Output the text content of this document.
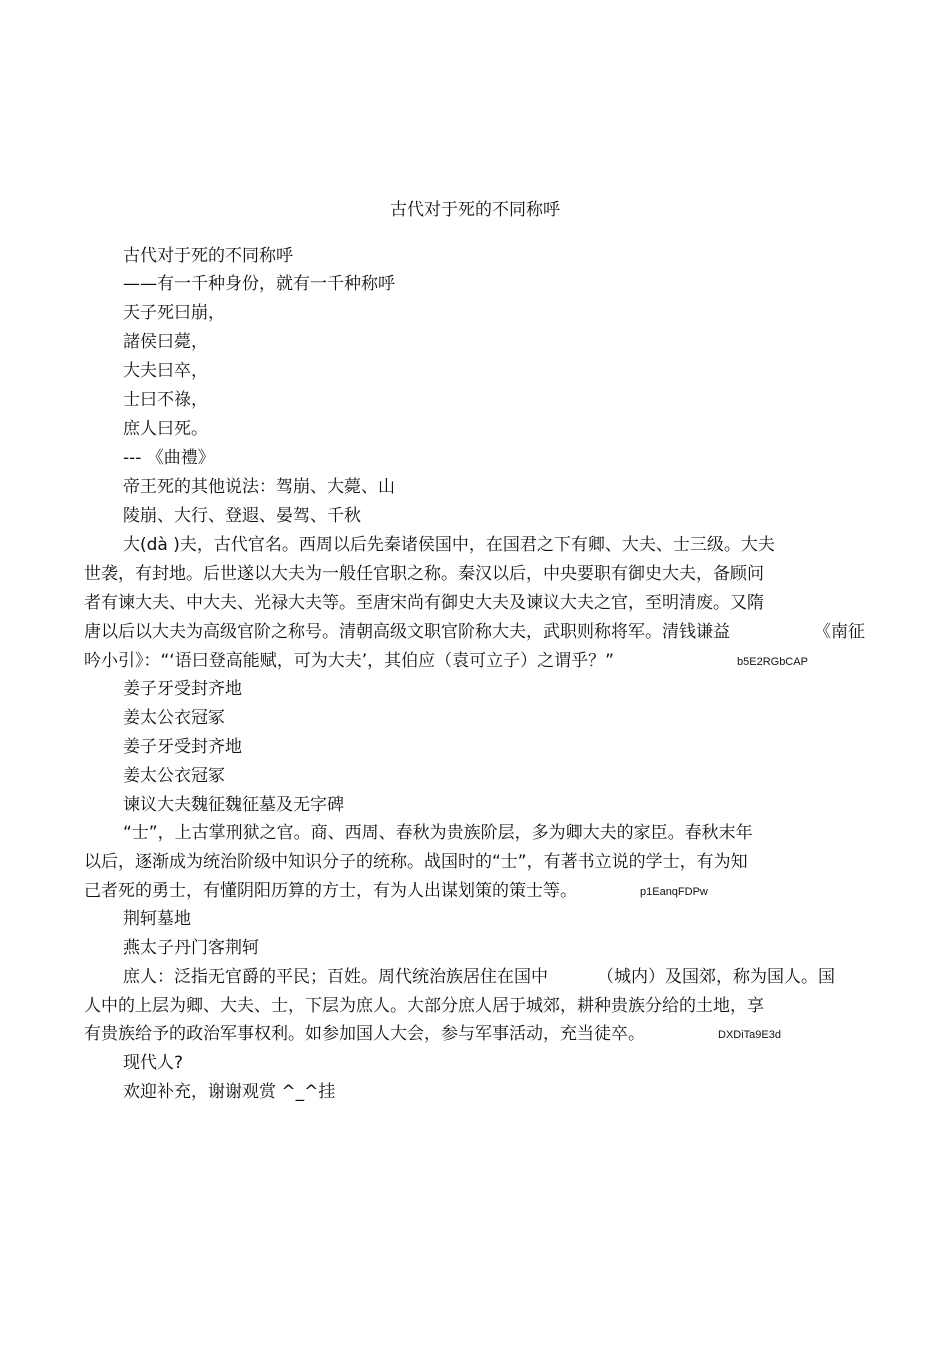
古代对于死的不同称呼
古代对于死的不同称呼
——有一千种身份，就有一千种称呼
天子死曰崩，
諸侯曰薨，
大夫曰卒，
士曰不祿，
庶人曰死。
--- 《曲禮》
帝王死的其他说法：驾崩、大薨、山
陵崩、大行、登遐、晏驾、千秋
大(dà )夫，古代官名。西周以后先秦诸侯国中，在国君之下有卿、大夫、士三级。大夫
世袭，有封地。后世遂以大夫为一般任官职之称。秦汉以后，中央要职有御史大夫，备顾问
者有谏大夫、中大夫、光禄大夫等。至唐宋尚有御史大夫及谏议大夫之官，至明清废。又隋
唐以后以大夫为高级官阶之称号。清朝高级文职官阶称大夫，武职则称将军。清钱谦益	《南征
吟小引》：“‘语曰登高能赋，可为大夫’，其伯应（袁可立子）之谓乎？”	b5E2RGbCAP
姜子牙受封齐地
姜太公衣冠冢
姜子牙受封齐地
姜太公衣冠冢
谏议大夫魏征魏征墓及无字碑
“士”，上古掌刑狱之官。商、西周、春秋为贵族阶层，多为卿大夫的家臣。春秋末年
以后，逐渐成为统治阶级中知识分子的统称。战国时的“士”，有著书立说的学士，有为知
己者死的勇士，有懂阴阳历算的方士，有为人出谋划策的策士等。	p1EanqFDPw
荆轲墓地
燕太子丹门客荆轲
庶人：泛指无官爵的平民；百姓。周代统治族居住在国中	（城内）及国郊，称为国人。国
人中的上层为卿、大夫、士，下层为庶人。大部分庶人居于城郊，耕种贵族分给的土地，享
有贵族给予的政治军事权利。如参加国人大会，参与军事活动，充当徒卒。	DXDiTa9E3d
现代人?
欢迎补充，谢谢观赏 ^_^挂
